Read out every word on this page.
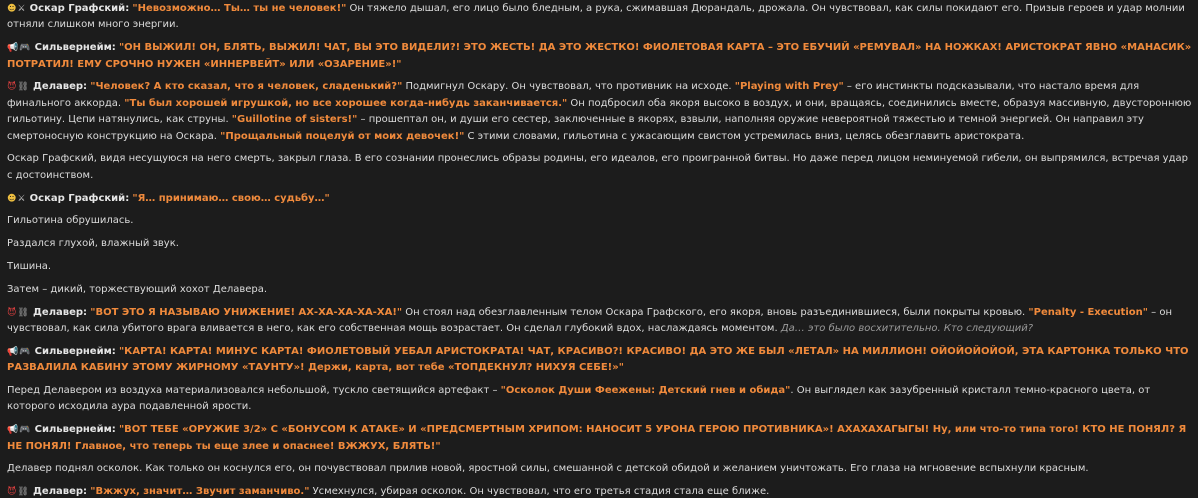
☻⚔ Оскар Графский: "Невозможно… Ты… ты не человек!" Он тяжело дышал, его лицо было бледным, а рука, сжимавшая Дюрандаль, дрожала. Он чувствовал, как силы покидают его. Призыв героев и удар молнии отняли слишком много энергии.
📢🎮 Сильвернейм: "ОН ВЫЖИЛ! ОН, БЛЯТЬ, ВЫЖИЛ! ЧАТ, ВЫ ЭТО ВИДЕЛИ?! ЭТО ЖЕСТЬ! ДА ЭТО ЖЕСТКО! ФИОЛЕТОВАЯ КАРТА – ЭТО ЕБУЧИЙ «РЕМУВАЛ» НА НОЖКАХ! АРИСТОКРАТ ЯВНО «МАНАСИК» ПОТРАТИЛ! ЕМУ СРОЧНО НУЖЕН «ИННЕРВЕЙТ» ИЛИ «ОЗАРЕНИЕ»!"
😈⛓ Делавер: "Человек? А кто сказал, что я человек, сладенький?" Подмигнул Оскару. Он чувствовал, что противник на исходе. "Playing with Prey" – его инстинкты подсказывали, что настало время для финального аккорда. "Ты был хорошей игрушкой, но все хорошее когда-нибудь заканчивается." Он подбросил оба якоря высоко в воздух, и они, вращаясь, соединились вместе, образуя массивную, двустороннюю гильотину. Цепи натянулись, как струны. "Guillotine of sisters!" – прошептал он, и души его сестер, заключенные в якорях, взвыли, наполняя оружие невероятной тяжестью и темной энергией. Он направил эту смертоносную конструкцию на Оскара. "Прощальный поцелуй от моих девочек!" С этими словами, гильотина с ужасающим свистом устремилась вниз, целясь обезглавить аристократа.
Оскар Графский, видя несущуюся на него смерть, закрыл глаза. В его сознании пронеслись образы родины, его идеалов, его проигранной битвы. Но даже перед лицом неминуемой гибели, он выпрямился, встречая удар с достоинством.
☻⚔ Оскар Графский: "Я… принимаю… свою… судьбу…"
Гильотина обрушилась.
Раздался глухой, влажный звук.
Тишина.
Затем – дикий, торжествующий хохот Делавера.
😈⛓ Делавер: "ВОТ ЭТО Я НАЗЫВАЮ УНИЖЕНИЕ! АХ-ХА-ХА-ХА-ХА!" Он стоял над обезглавленным телом Оскара Графского, его якоря, вновь разъединившиеся, были покрыты кровью. "Penalty - Execution" – он чувствовал, как сила убитого врага вливается в него, как его собственная мощь возрастает. Он сделал глубокий вдох, наслаждаясь моментом. Да… это было восхитительно. Кто следующий?
📢🎮 Сильвернейм: "КАРТА! КАРТА! МИНУС КАРТА! ФИОЛЕТОВЫЙ УЕБАЛ АРИСТОКРАТА! ЧАТ, КРАСИВО?! КРАСИВО! ДА ЭТО ЖЕ БЫЛ «ЛЕТАЛ» НА МИЛЛИОН! ОЙОЙОЙОЙОЙ, ЭТА КАРТОНКА ТОЛЬКО ЧТО РАЗВАЛИЛА КАБИНУ ЭТОМУ ЖИРНОМУ «ТАУНТУ»! Держи, карта, вот тебе «ТОПДЕКНУЛ? НИХУЯ СЕБЕ!»"
Перед Делавером из воздуха материализовался небольшой, тускло светящийся артефакт – "Осколок Души Феежены: Детский гнев и обида". Он выглядел как зазубренный кристалл темно-красного цвета, от которого исходила аура подавленной ярости.
📢🎮 Сильвернейм: "ВОТ ТЕБЕ «ОРУЖИЕ 3/2» С «БОНУСОМ К АТАКЕ» И «ПРЕДСМЕРТНЫМ ХРИПОМ: НАНОСИТ 5 УРОНА ГЕРОЮ ПРОТИВНИКА»! АХАХАХАГЫГЫ! Ну, или что-то типа того! КТО НЕ ПОНЯЛ? Я НЕ ПОНЯЛ! Главное, что теперь ты еще злее и опаснее! ВЖЖУХ, БЛЯТЬ!"
Делавер поднял осколок. Как только он коснулся его, он почувствовал прилив новой, яростной силы, смешанной с детской обидой и желанием уничтожать. Его глаза на мгновение вспыхнули красным.
😈⛓ Делавер: "Вжжух, значит… Звучит заманчиво." Усмехнулся, убирая осколок. Он чувствовал, что его третья стадия стала еще ближе.
